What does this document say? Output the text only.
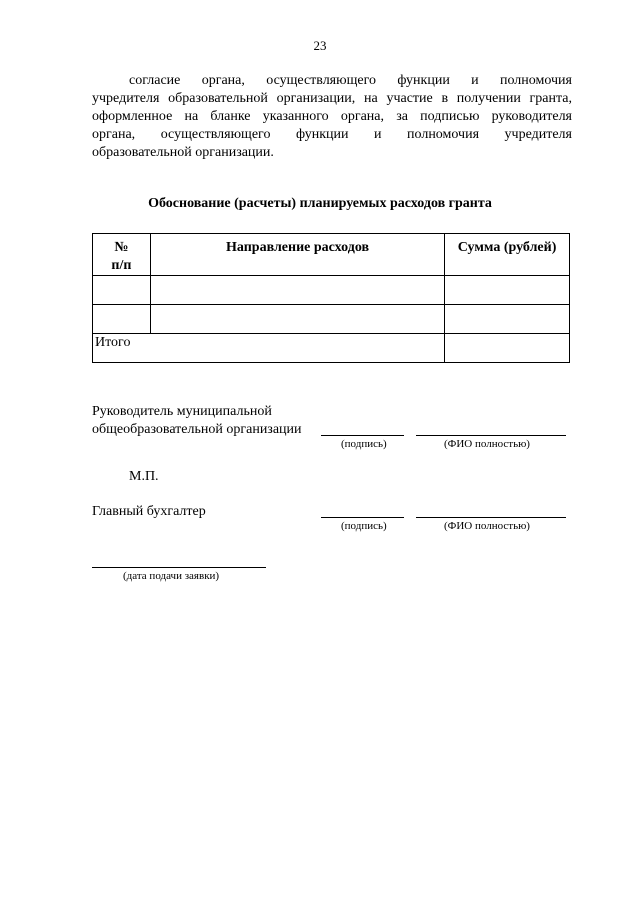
23
согласие органа, осуществляющего функции и полномочия
учредителя образовательной организации, на участие в получении гранта,
оформленное на бланке указанного органа, за подписью руководителя
органа, осуществляющего функции и полномочия учредителя
образовательной организации.
Обоснование (расчеты) планируемых расходов гранта
№
п/п	Направление расходов	Сумма (рублей)

Итого		
Руководитель муниципальной
общеобразовательной организации
(подпись)	(ФИО полностью)
М.П.
Главный бухгалтер
(подпись)	(ФИО полностью)
(дата подачи заявки)
